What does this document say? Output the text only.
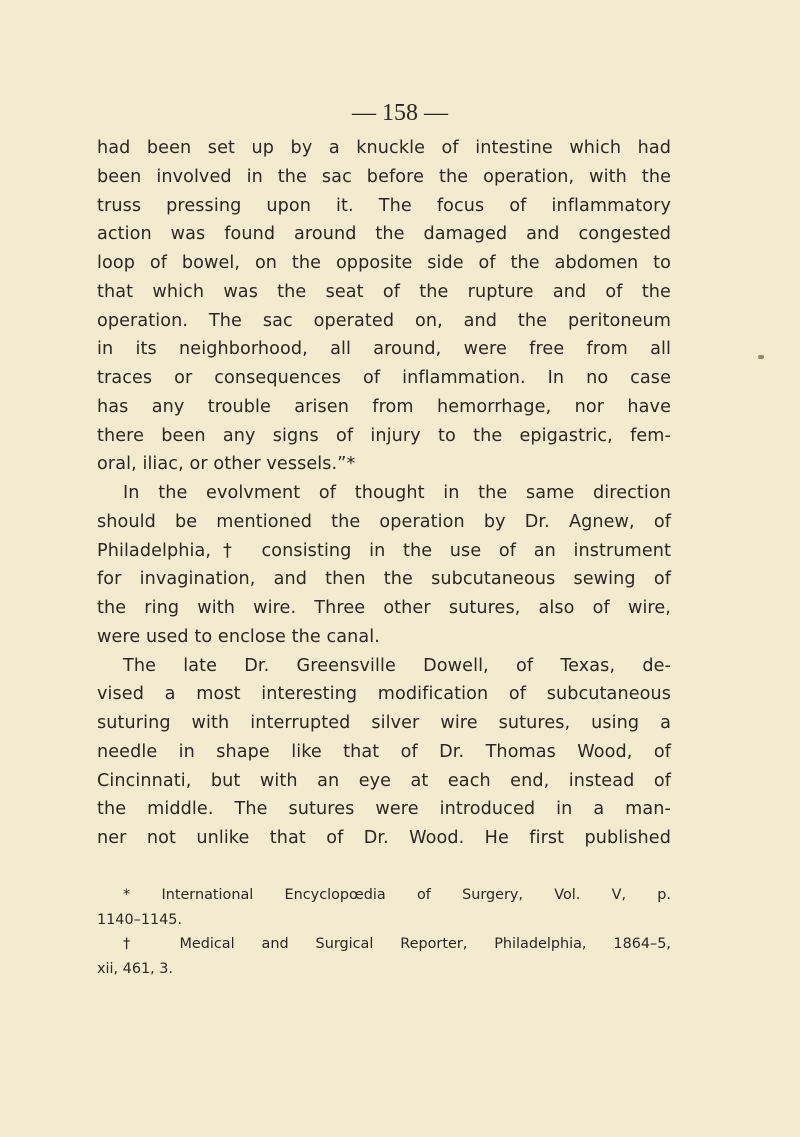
— 158 —
had been set up by a knuckle of intestine which had
been involved in the sac before the operation, with the
truss pressing upon it. The focus of inflammatory
action was found around the damaged and congested
loop of bowel, on the opposite side of the abdomen to
that which was the seat of the rupture and of the
operation. The sac operated on, and the peritoneum
in its neighborhood, all around, were free from all
traces or consequences of inflammation. In no case
has any trouble arisen from hemorrhage, nor have
there been any signs of injury to the epigastric, fem-
oral, iliac, or other vessels.”*
In the evolvment of thought in the same direction
should be mentioned the operation by Dr. Agnew, of
Philadelphia,† consisting in the use of an instrument
for invagination, and then the subcutaneous sewing of
the ring with wire. Three other sutures, also of wire,
were used to enclose the canal.
The late Dr. Greensville Dowell, of Texas, de-
vised a most interesting modification of subcutaneous
suturing with interrupted silver wire sutures, using a
needle in shape like that of Dr. Thomas Wood, of
Cincinnati, but with an eye at each end, instead of
the middle. The sutures were introduced in a man-
ner not unlike that of Dr. Wood. He first published
* International Encyclopœdia of Surgery, Vol. V, p.
1140–1145.
† Medical and Surgical Reporter, Philadelphia, 1864–5,
xii, 461, 3.
